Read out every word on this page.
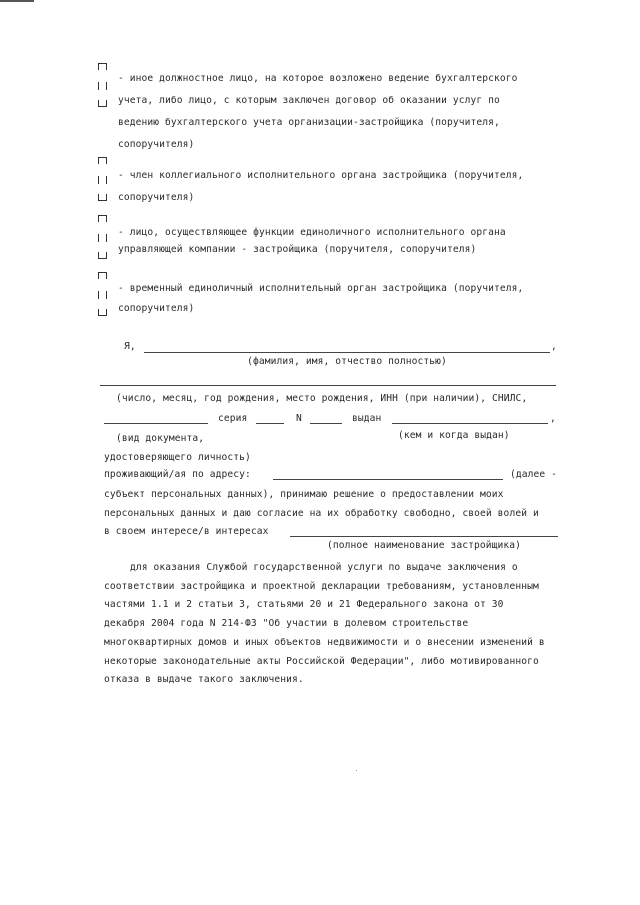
- иное должностное лицо, на которое возложено ведение бухгалтерского
учета, либо лицо, с которым заключен договор об оказании услуг по
ведению бухгалтерского учета организации-застройщика (поручителя,
сопоручителя)
- член коллегиального исполнительного органа застройщика (поручителя,
сопоручителя)
- лицо, осуществляющее функции единоличного исполнительного органа
управляющей компании - застройщика (поручителя, сопоручителя)
- временный единоличный исполнительный орган застройщика (поручителя,
сопоручителя)
Я,	,
(фамилия, имя, отчество полностью)
(число, месяц, год рождения, место рождения, ИНН (при наличии), СНИЛС,
серия	N	выдан	,
(вид документа,	(кем и когда выдан)
удостоверяющего личность)
проживающий/ая по адресу:	(далее -
субъект персональных данных), принимаю решение о предоставлении моих
персональных данных и даю согласие на их обработку свободно, своей волей и
в своем интересе/в интересах
(полное наименование застройщика)
для оказания Службой государственной услуги по выдаче заключения о
соответствии застройщика и проектной декларации требованиям, установленным
частями 1.1 и 2 статьи 3, статьями 20 и 21 Федерального закона от 30
декабря 2004 года N 214-ФЗ "Об участии в долевом строительстве
многоквартирных домов и иных объектов недвижимости и о внесении изменений в
некоторые законодательные акты Российской Федерации", либо мотивированного
отказа в выдаче такого заключения.
